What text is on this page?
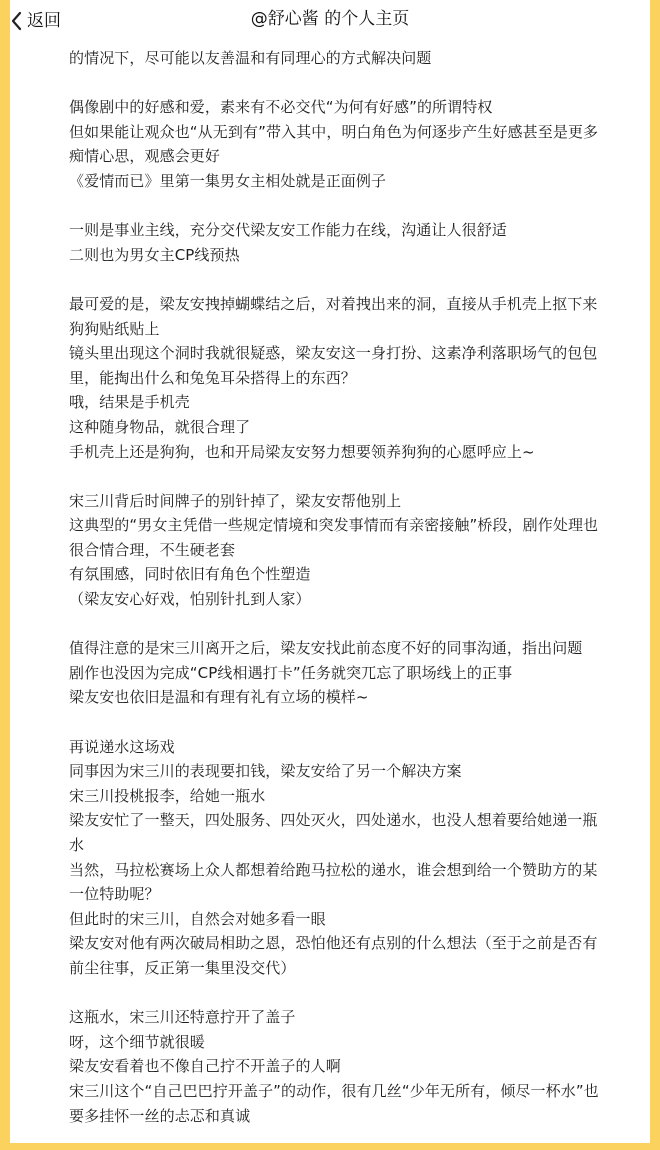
@舒心酱 的个人主页
返回
的情况下，尽可能以友善温和有同理心的方式解决问题
偶像剧中的好感和爱，素来有不必交代“为何有好感”的所谓特权
但如果能让观众也“从无到有”带入其中，明白角色为何逐步产生好感甚至是更多
痴情心思，观感会更好
《爱情而已》里第一集男女主相处就是正面例子
一则是事业主线，充分交代梁友安工作能力在线，沟通让人很舒适
二则也为男女主CP线预热
最可爱的是，梁友安拽掉蝴蝶结之后，对着拽出来的洞，直接从手机壳上抠下来
狗狗贴纸贴上
镜头里出现这个洞时我就很疑惑，梁友安这一身打扮、这素净利落职场气的包包
里，能掏出什么和兔兔耳朵搭得上的东西？
哦，结果是手机壳
这种随身物品，就很合理了
手机壳上还是狗狗，也和开局梁友安努力想要领养狗狗的心愿呼应上~
宋三川背后时间牌子的别针掉了，梁友安帮他别上
这典型的“男女主凭借一些规定情境和突发事情而有亲密接触”桥段，剧作处理也
很合情合理，不生硬老套
有氛围感，同时依旧有角色个性塑造
（梁友安心好戏，怕别针扎到人家）
值得注意的是宋三川离开之后，梁友安找此前态度不好的同事沟通，指出问题
剧作也没因为完成“CP线相遇打卡”任务就突兀忘了职场线上的正事
梁友安也依旧是温和有理有礼有立场的模样~
再说递水这场戏
同事因为宋三川的表现要扣钱，梁友安给了另一个解决方案
宋三川投桃报李，给她一瓶水
梁友安忙了一整天，四处服务、四处灭火，四处递水，也没人想着要给她递一瓶
水
当然，马拉松赛场上众人都想着给跑马拉松的递水，谁会想到给一个赞助方的某
一位特助呢？
但此时的宋三川，自然会对她多看一眼
梁友安对他有两次破局相助之恩，恐怕他还有点别的什么想法（至于之前是否有
前尘往事，反正第一集里没交代）
这瓶水，宋三川还特意拧开了盖子
呀，这个细节就很暖
梁友安看着也不像自己拧不开盖子的人啊
宋三川这个“自己巴巴拧开盖子”的动作，很有几丝“少年无所有，倾尽一杯水”也
要多挂怀一丝的忐忑和真诚
